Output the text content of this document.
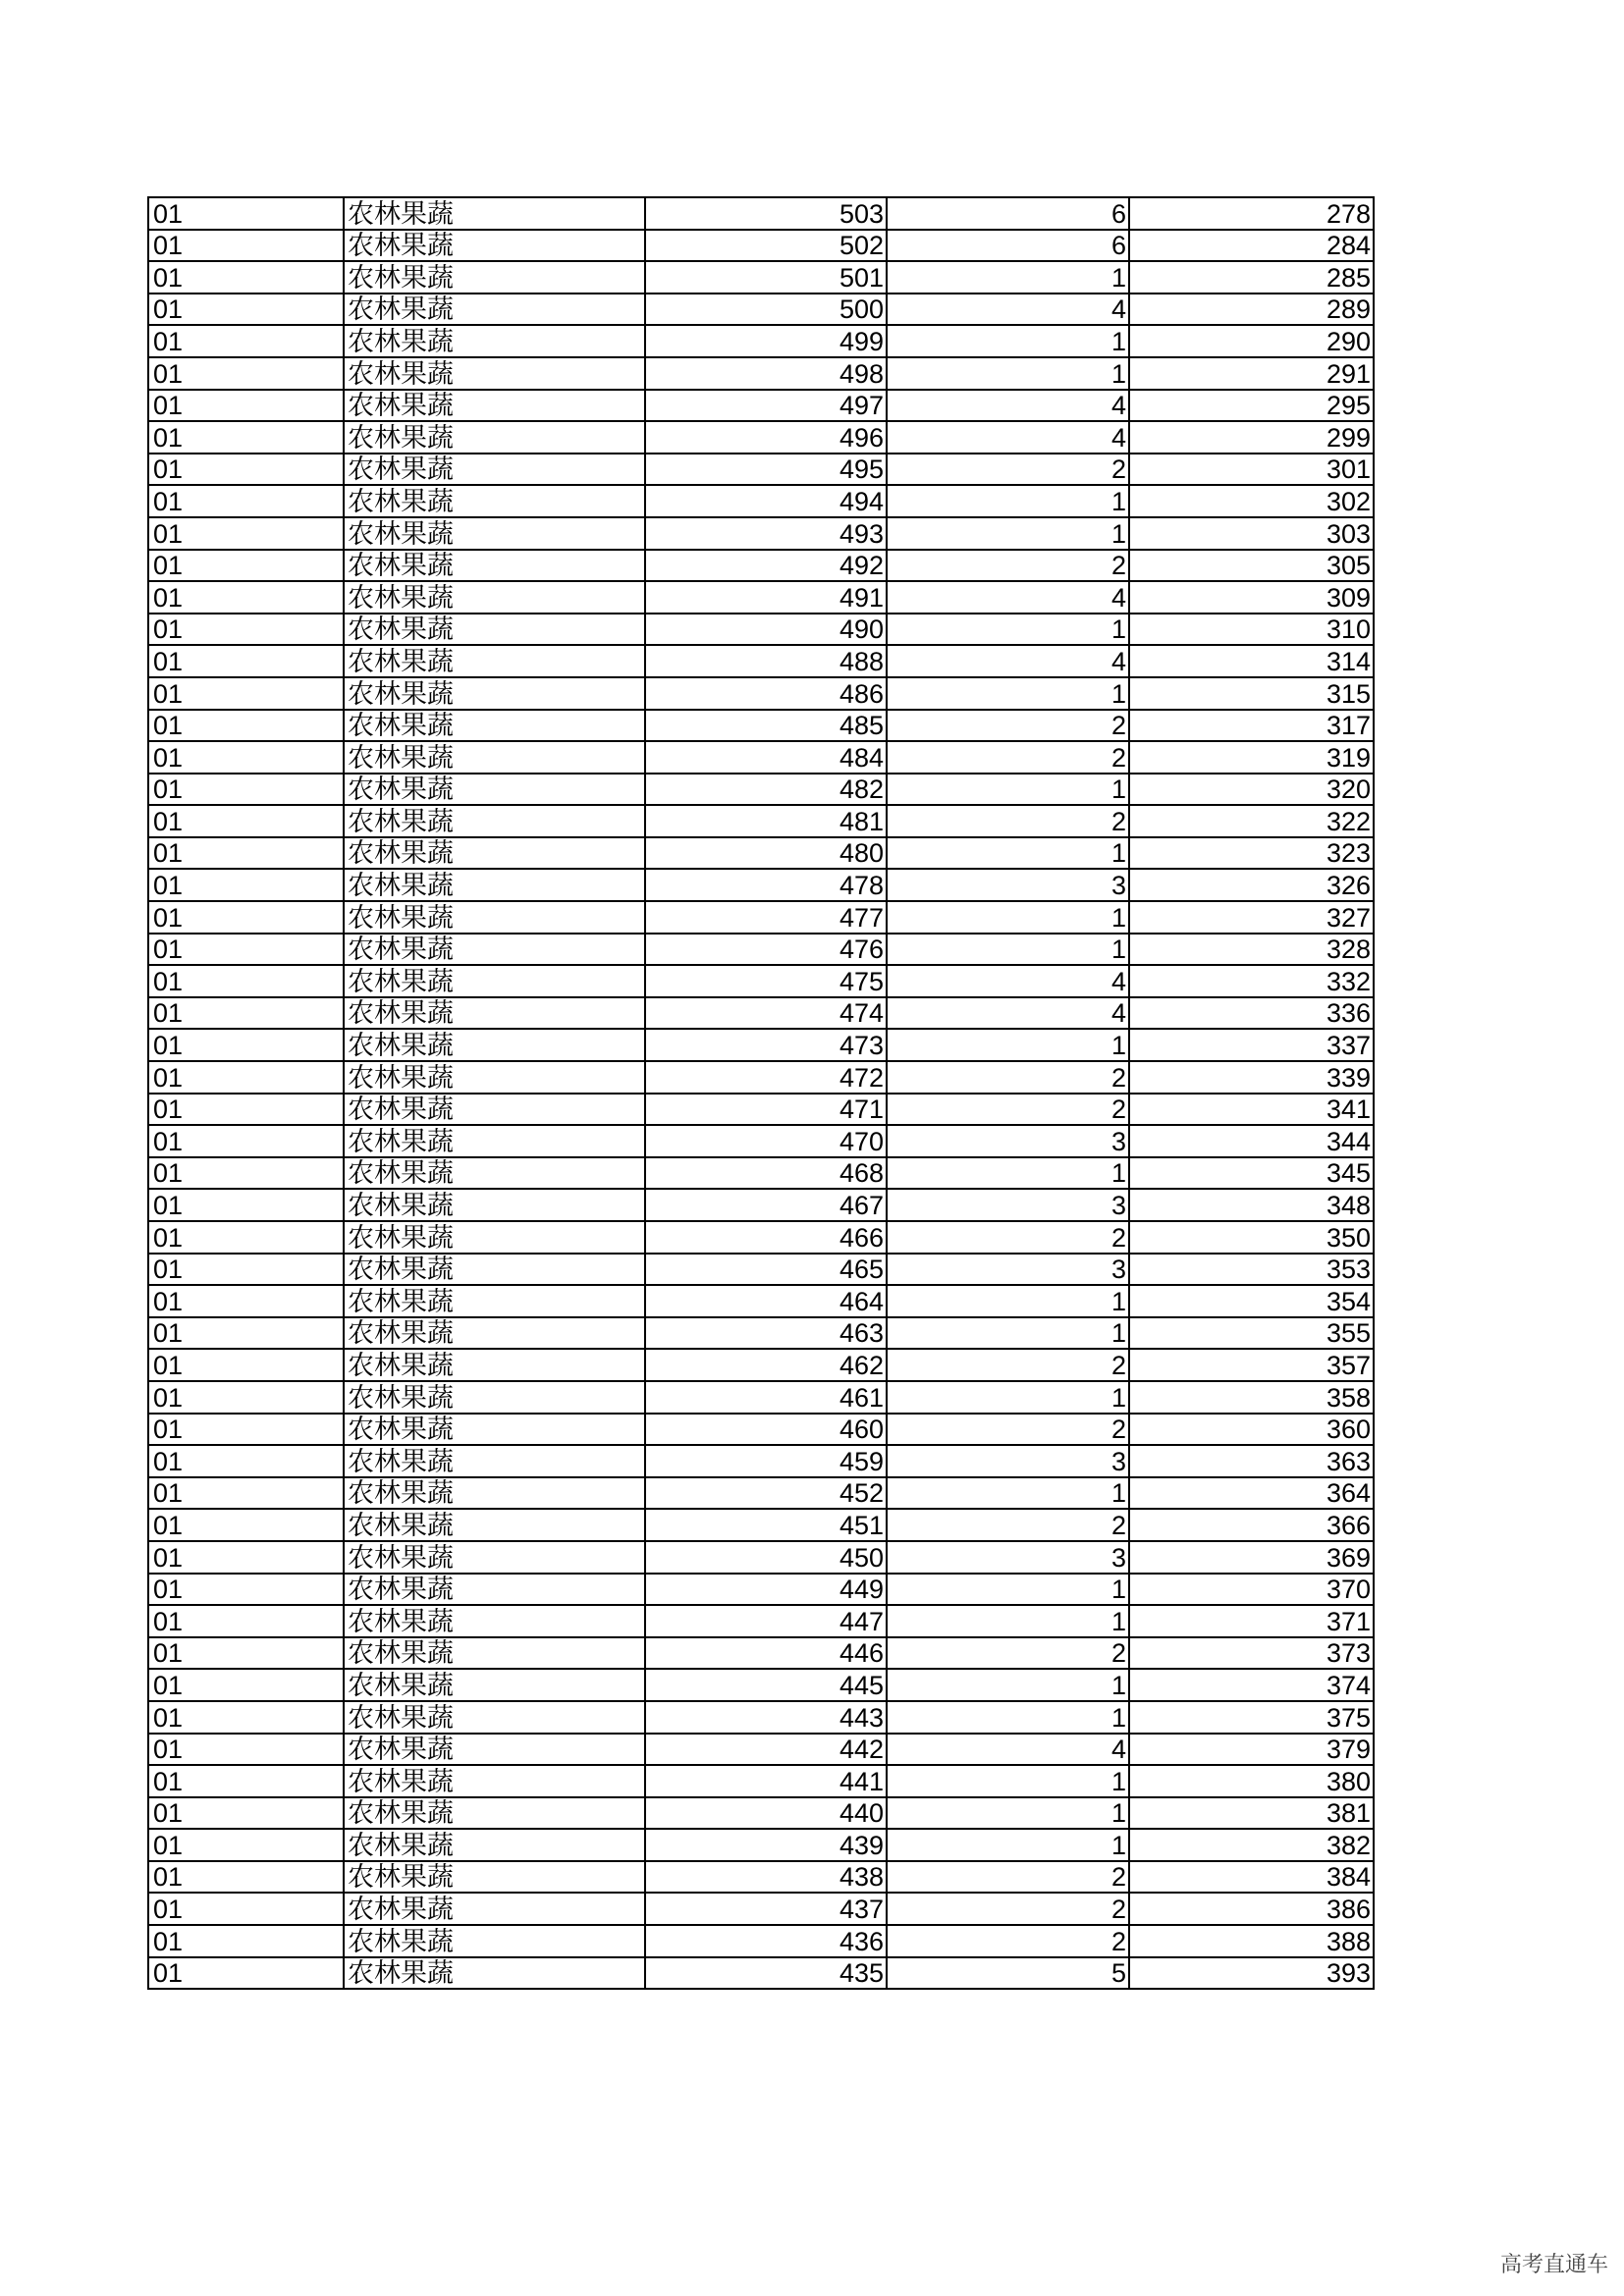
01	农林果蔬	503	6	278
01	农林果蔬	502	6	284
01	农林果蔬	501	1	285
01	农林果蔬	500	4	289
01	农林果蔬	499	1	290
01	农林果蔬	498	1	291
01	农林果蔬	497	4	295
01	农林果蔬	496	4	299
01	农林果蔬	495	2	301
01	农林果蔬	494	1	302
01	农林果蔬	493	1	303
01	农林果蔬	492	2	305
01	农林果蔬	491	4	309
01	农林果蔬	490	1	310
01	农林果蔬	488	4	314
01	农林果蔬	486	1	315
01	农林果蔬	485	2	317
01	农林果蔬	484	2	319
01	农林果蔬	482	1	320
01	农林果蔬	481	2	322
01	农林果蔬	480	1	323
01	农林果蔬	478	3	326
01	农林果蔬	477	1	327
01	农林果蔬	476	1	328
01	农林果蔬	475	4	332
01	农林果蔬	474	4	336
01	农林果蔬	473	1	337
01	农林果蔬	472	2	339
01	农林果蔬	471	2	341
01	农林果蔬	470	3	344
01	农林果蔬	468	1	345
01	农林果蔬	467	3	348
01	农林果蔬	466	2	350
01	农林果蔬	465	3	353
01	农林果蔬	464	1	354
01	农林果蔬	463	1	355
01	农林果蔬	462	2	357
01	农林果蔬	461	1	358
01	农林果蔬	460	2	360
01	农林果蔬	459	3	363
01	农林果蔬	452	1	364
01	农林果蔬	451	2	366
01	农林果蔬	450	3	369
01	农林果蔬	449	1	370
01	农林果蔬	447	1	371
01	农林果蔬	446	2	373
01	农林果蔬	445	1	374
01	农林果蔬	443	1	375
01	农林果蔬	442	4	379
01	农林果蔬	441	1	380
01	农林果蔬	440	1	381
01	农林果蔬	439	1	382
01	农林果蔬	438	2	384
01	农林果蔬	437	2	386
01	农林果蔬	436	2	388
01	农林果蔬	435	5	393
高考直通车
